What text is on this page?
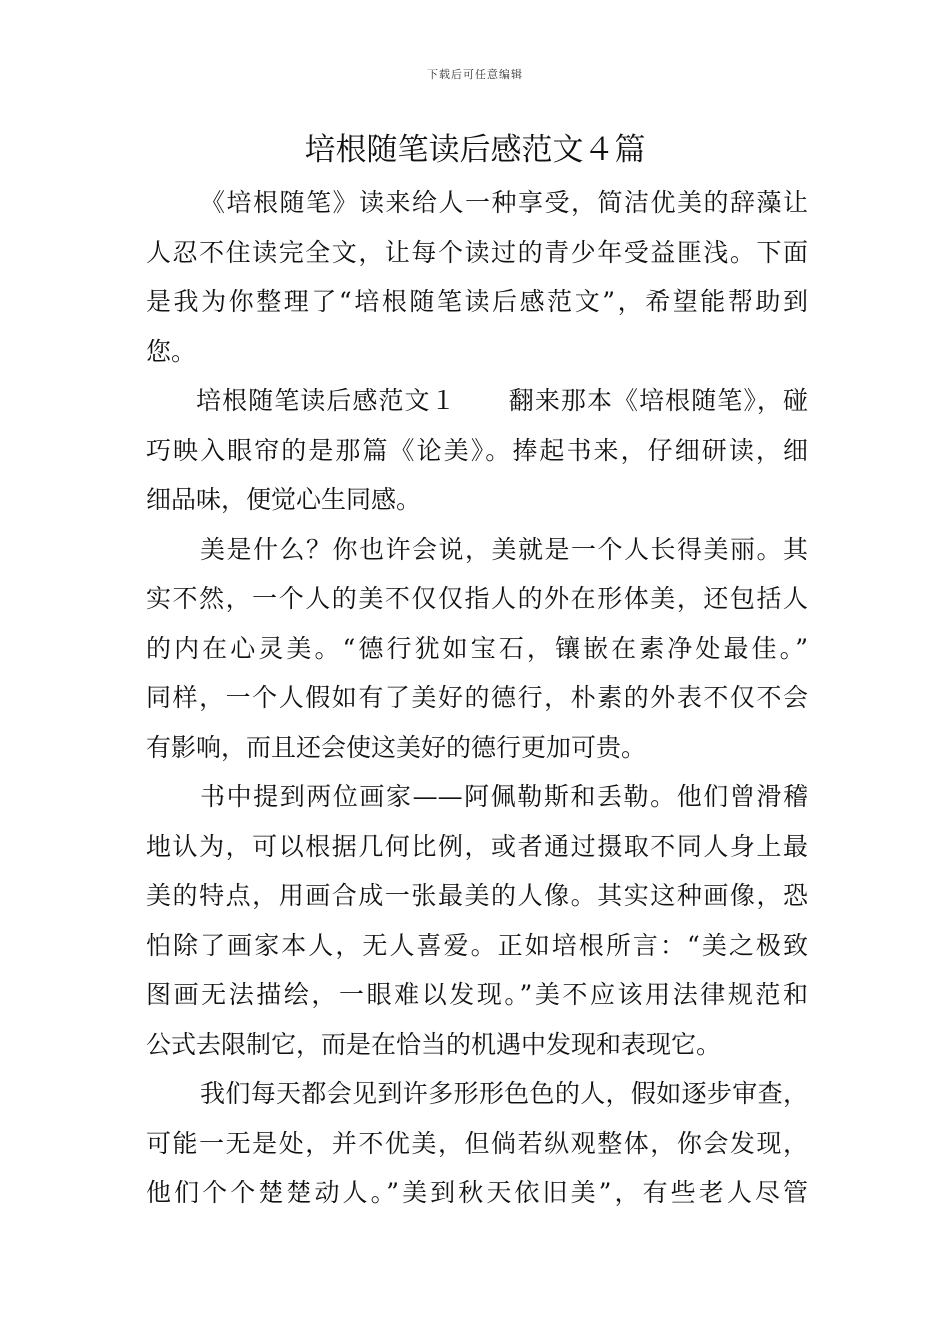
下载后可任意编辑
培根随笔读后感范文４篇
《培根随笔》读来给人一种享受，简洁优美的辞藻让
人忍不住读完全文，让每个读过的青少年受益匪浅。下面
是我为你整理了“培根随笔读后感范文”，希望能帮助到
您。
培根随笔读后感范文１　　翻来那本《培根随笔》，碰
巧映入眼帘的是那篇《论美》。捧起书来，仔细研读，细
细品味，便觉心生同感。
美是什么？你也许会说，美就是一个人长得美丽。其
实不然，一个人的美不仅仅指人的外在形体美，还包括人
的内在心灵美。“德行犹如宝石，镶嵌在素净处最佳。”
同样，一个人假如有了美好的德行，朴素的外表不仅不会
有影响，而且还会使这美好的德行更加可贵。
书中提到两位画家——阿佩勒斯和丢勒。他们曾滑稽
地认为，可以根据几何比例，或者通过摄取不同人身上最
美的特点，用画合成一张最美的人像。其实这种画像，恐
怕除了画家本人，无人喜爱。正如培根所言：“美之极致
图画无法描绘，一眼难以发现。”美不应该用法律规范和
公式去限制它，而是在恰当的机遇中发现和表现它。
我们每天都会见到许多形形色色的人，假如逐步审查，
可能一无是处，并不优美，但倘若纵观整体，你会发现，
他们个个楚楚动人。”美到秋天依旧美”，有些老人尽管
